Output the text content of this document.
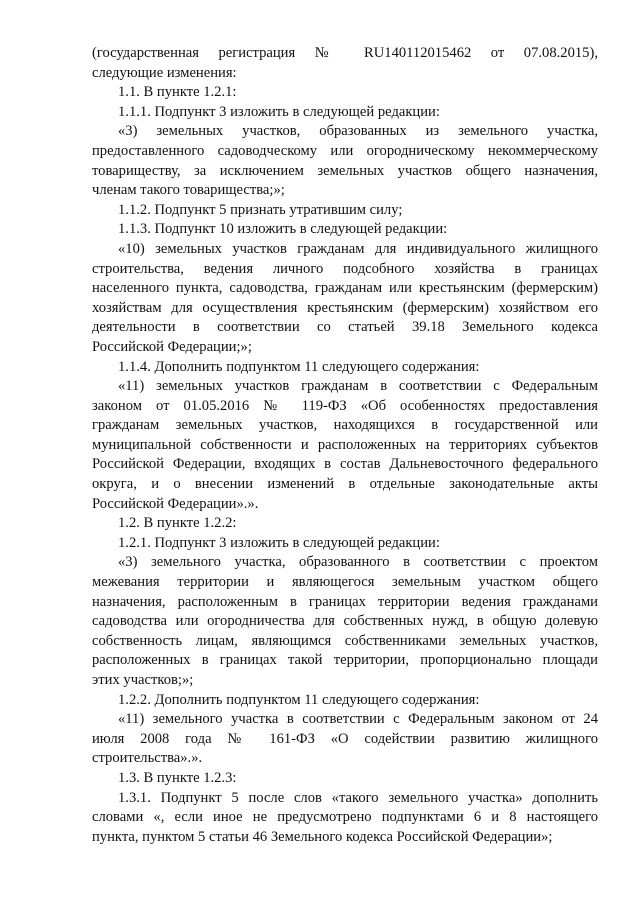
(государственная регистрация № RU140112015462 от 07.08.2015),
следующие изменения:
1.1. В пункте 1.2.1:
1.1.1. Подпункт 3 изложить в следующей редакции:
«3) земельных участков, образованных из земельного участка,
предоставленного садоводческому или огородническому некоммерческому
товариществу, за исключением земельных участков общего назначения,
членам такого товарищества;»;
1.1.2. Подпункт 5 признать утратившим силу;
1.1.3. Подпункт 10 изложить в следующей редакции:
«10) земельных участков гражданам для индивидуального жилищного
строительства, ведения личного подсобного хозяйства в границах
населенного пункта, садоводства, гражданам или крестьянским (фермерским)
хозяйствам для осуществления крестьянским (фермерским) хозяйством его
деятельности в соответствии со статьей 39.18 Земельного кодекса
Российской Федерации;»;
1.1.4. Дополнить подпунктом 11 следующего содержания:
«11) земельных участков гражданам в соответствии с Федеральным
законом от 01.05.2016 № 119-ФЗ «Об особенностях предоставления
гражданам земельных участков, находящихся в государственной или
муниципальной собственности и расположенных на территориях субъектов
Российской Федерации, входящих в состав Дальневосточного федерального
округа, и о внесении изменений в отдельные законодательные акты
Российской Федерации».».
1.2. В пункте 1.2.2:
1.2.1. Подпункт 3 изложить в следующей редакции:
«3) земельного участка, образованного в соответствии с проектом
межевания территории и являющегося земельным участком общего
назначения, расположенным в границах территории ведения гражданами
садоводства или огородничества для собственных нужд, в общую долевую
собственность лицам, являющимся собственниками земельных участков,
расположенных в границах такой территории, пропорционально площади
этих участков;»;
1.2.2. Дополнить подпунктом 11 следующего содержания:
«11) земельного участка в соответствии с Федеральным законом от 24
июля 2008 года № 161-ФЗ «О содействии развитию жилищного
строительства».».
1.3. В пункте 1.2.3:
1.3.1. Подпункт 5 после слов «такого земельного участка» дополнить
словами «, если иное не предусмотрено подпунктами 6 и 8 настоящего
пункта, пунктом 5 статьи 46 Земельного кодекса Российской Федерации»;
